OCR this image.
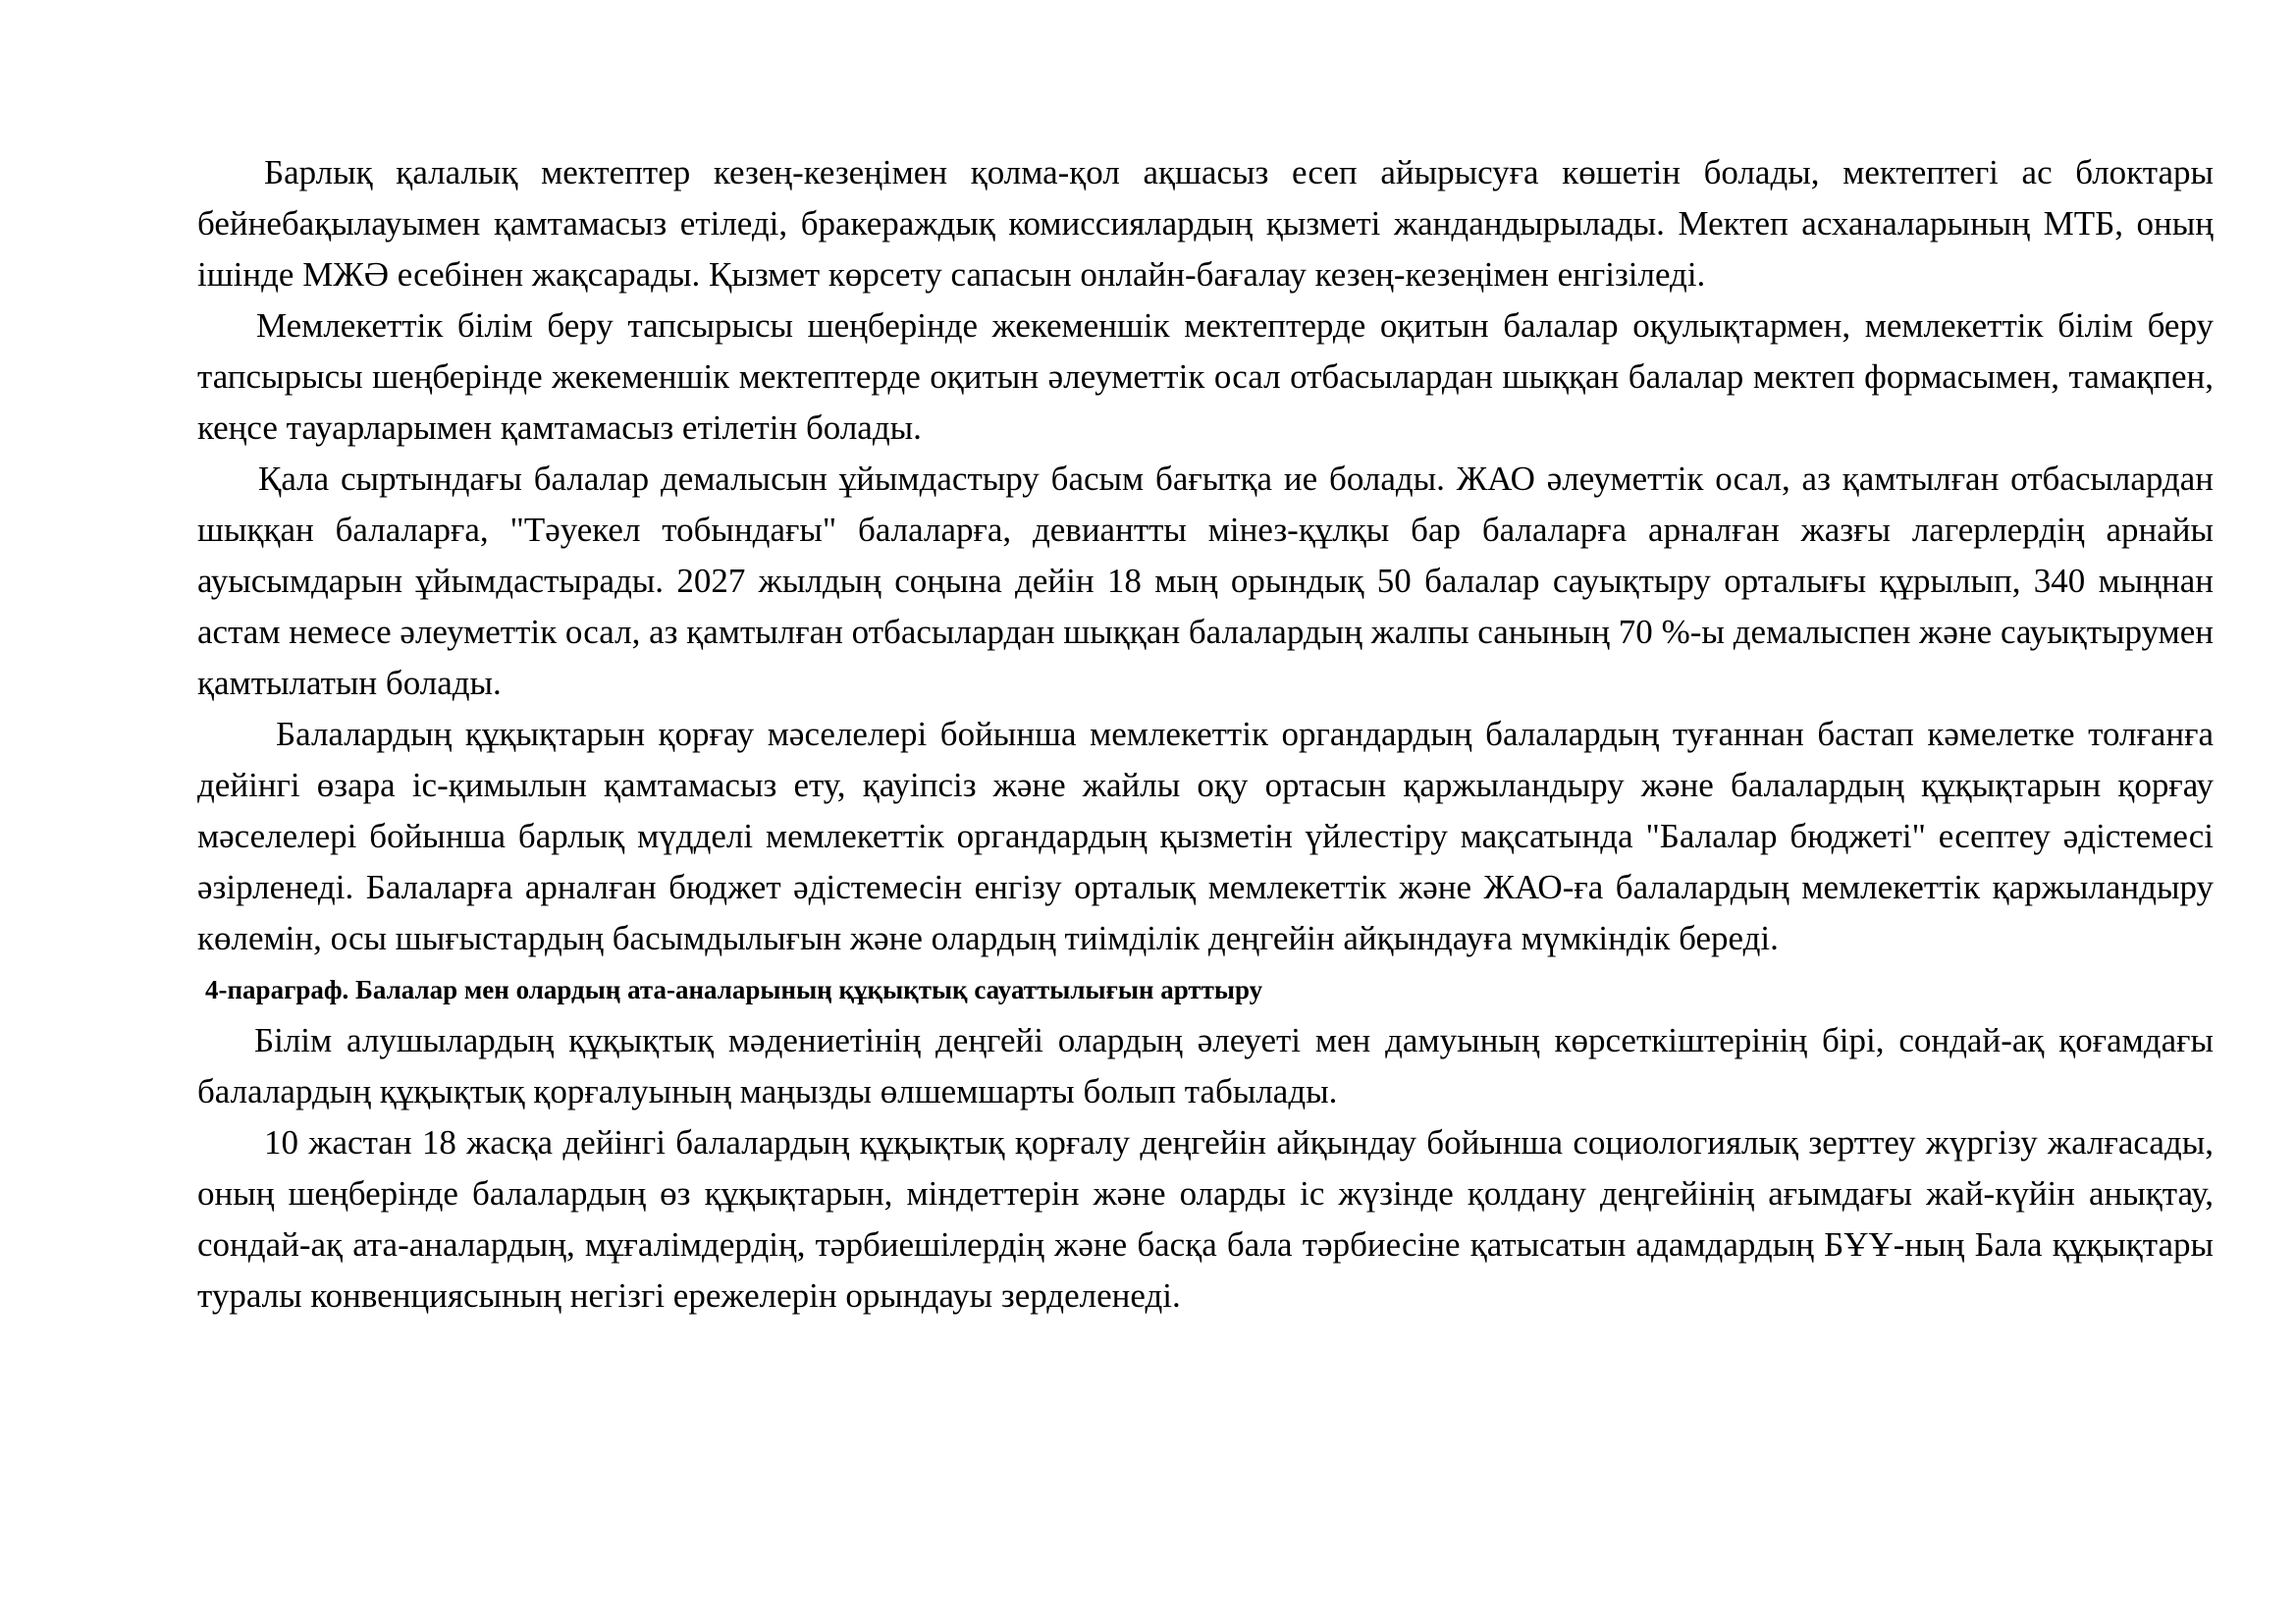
Барлық қалалық мектептер кезең-кезеңімен қолма-қол ақшасыз есеп айырысуға көшетін болады, мектептегі ас блоктары бейнебақылауымен қамтамасыз етіледі, бракераждық комиссиялардың қызметі жандандырылады. Мектеп асханаларының МТБ, оның ішінде МЖӘ есебінен жақсарады. Қызмет көрсету сапасын онлайн-бағалау кезең-кезеңімен енгізіледі.

Мемлекеттік білім беру тапсырысы шеңберінде жекеменшік мектептерде оқитын балалар оқулықтармен, мемлекеттік білім беру тапсырысы шеңберінде жекеменшік мектептерде оқитын әлеуметтік осал отбасылардан шыққан балалар мектеп формасымен, тамақпен, кеңсе тауарларымен қамтамасыз етілетін болады.

Қала сыртындағы балалар демалысын ұйымдастыру басым бағытқа ие болады. ЖАО әлеуметтік осал, аз қамтылған отбасылардан шыққан балаларға, "Тәуекел тобындағы" балаларға, девиантты мінез-құлқы бар балаларға арналған жазғы лагерлердің арнайы ауысымдарын ұйымдастырады. 2027 жылдың соңына дейін 18 мың орындық 50 балалар сауықтыру орталығы құрылып, 340 мыңнан астам немесе әлеуметтік осал, аз қамтылған отбасылардан шыққан балалардың жалпы санының 70 %-ы демалыспен және сауықтырумен қамтылатын болады.

Балалардың құқықтарын қорғау мәселелері бойынша мемлекеттік органдардың балалардың туғаннан бастап кәмелетке толғанға дейінгі өзара іс-қимылын қамтамасыз ету, қауіпсіз және жайлы оқу ортасын қаржыландыру және балалардың құқықтарын қорғау мәселелері бойынша барлық мүдделі мемлекеттік органдардың қызметін үйлестіру мақсатында "Балалар бюджеті" есептеу әдістемесі әзірленеді. Балаларға арналған бюджет әдістемесін енгізу орталық мемлекеттік және ЖАО-ға балалардың мемлекеттік қаржыландыру көлемін, осы шығыстардың басымдылығын және олардың тиімділік деңгейін айқындауға мүмкіндік береді.

4-параграф. Балалар мен олардың ата-аналарының құқықтық сауаттылығын арттыру

Білім алушылардың құқықтық мәдениетінің деңгейі олардың әлеуеті мен дамуының көрсеткіштерінің бірі, сондай-ақ қоғамдағы балалардың құқықтық қорғалуының маңызды өлшемшарты болып табылады.

10 жастан 18 жасқа дейінгі балалардың құқықтық қорғалу деңгейін айқындау бойынша социологиялық зерттеу жүргізу жалғасады, оның шеңберінде балалардың өз құқықтарын, міндеттерін және оларды іс жүзінде қолдану деңгейінің ағымдағы жай-күйін анықтау, сондай-ақ ата-аналардың, мұғалімдердің, тәрбиешілердің және басқа бала тәрбиесіне қатысатын адамдардың БҰҰ-ның Бала құқықтары туралы конвенциясының негізгі ережелерін орындауы зерделенеді.
